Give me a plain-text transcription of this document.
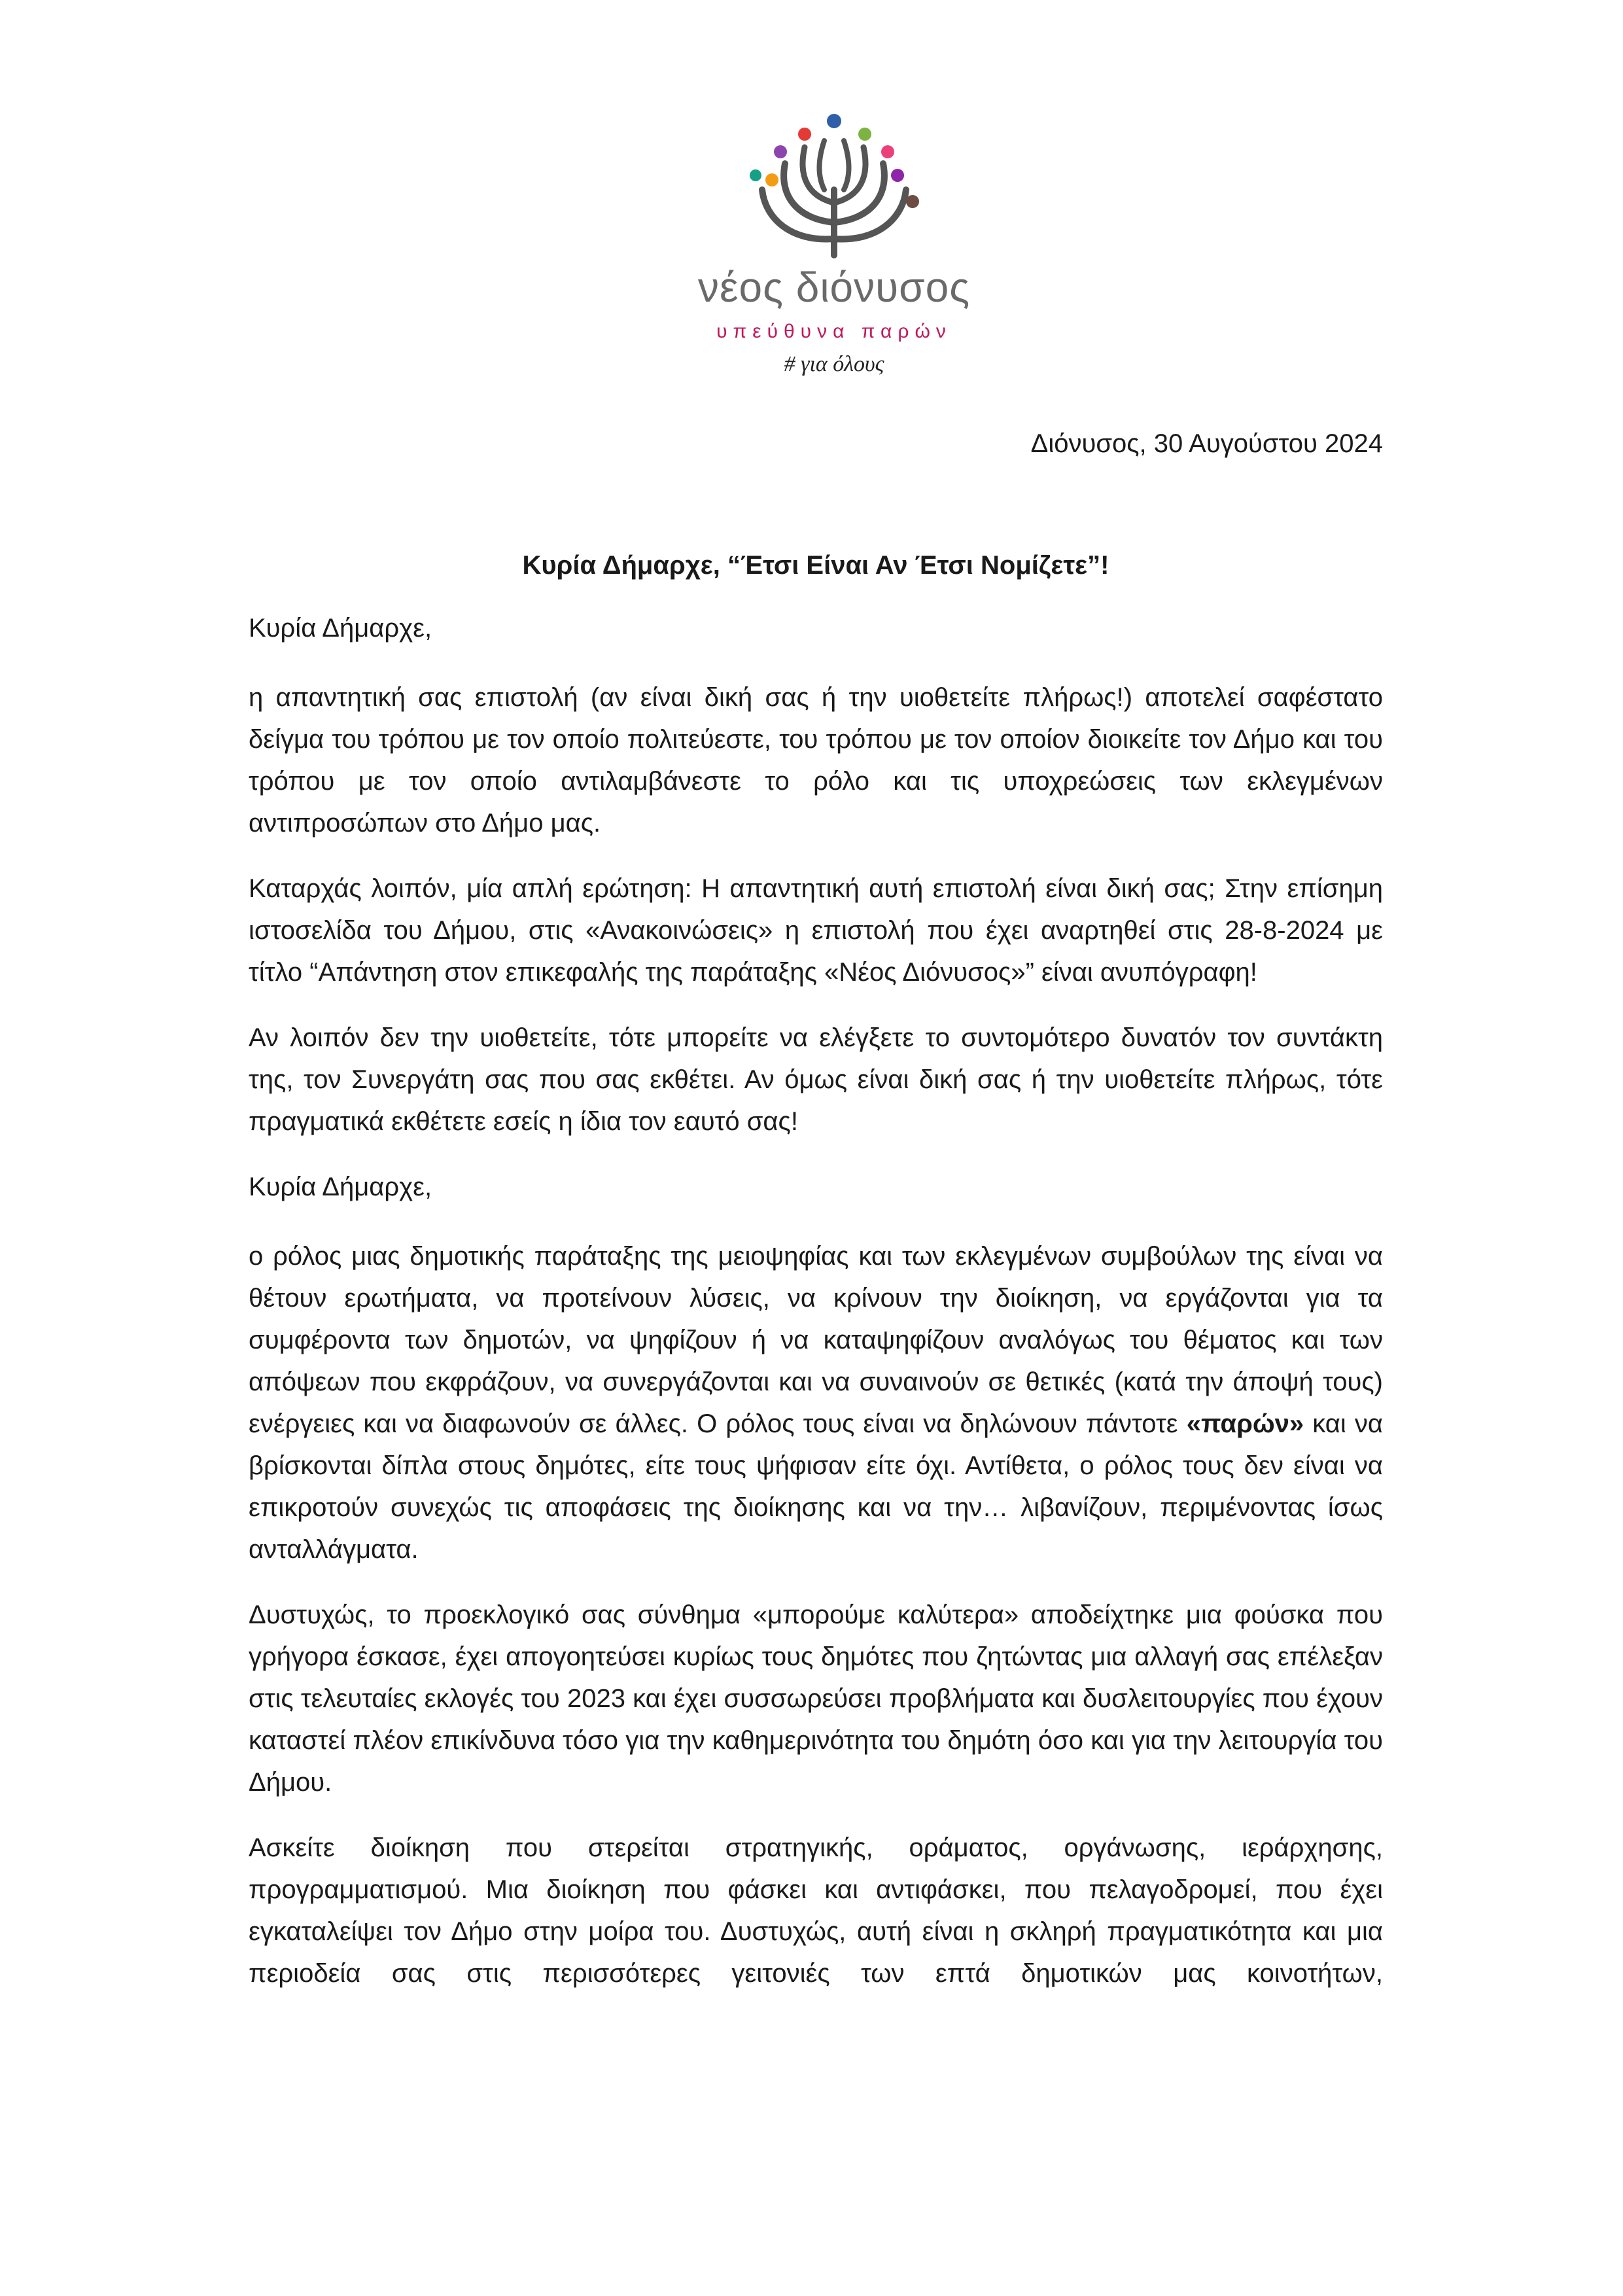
νέος διόνυσος
υπεύθυνα παρών
# για όλους
Διόνυσος, 30 Αυγούστου 2024
Κυρία Δήμαρχε, “Έτσι Είναι Αν Έτσι Νομίζετε”!

Κυρία Δήμαρχε,

η απαντητική σας επιστολή (αν είναι δική σας ή την υιοθετείτε πλήρως!) αποτελεί σαφέστατο δείγμα του τρόπου με τον οποίο πολιτεύεστε, του τρόπου με τον οποίον διοικείτε τον Δήμο και του τρόπου με τον οποίο αντιλαμβάνεστε το ρόλο και τις υποχρεώσεις των εκλεγμένων αντιπροσώπων στο Δήμο μας.

Καταρχάς λοιπόν, μία απλή ερώτηση: Η απαντητική αυτή επιστολή είναι δική σας; Στην επίσημη ιστοσελίδα του Δήμου, στις «Ανακοινώσεις» η επιστολή που έχει αναρτηθεί στις 28-8-2024 με τίτλο “Απάντηση στον επικεφαλής της παράταξης «Νέος Διόνυσος»” είναι ανυπόγραφη!

Αν λοιπόν δεν την υιοθετείτε, τότε μπορείτε να ελέγξετε το συντομότερο δυνατόν τον συντάκτη της, τον Συνεργάτη σας που σας εκθέτει. Αν όμως είναι δική σας ή την υιοθετείτε πλήρως, τότε πραγματικά εκθέτετε εσείς η ίδια τον εαυτό σας!

Κυρία Δήμαρχε,

ο ρόλος μιας δημοτικής παράταξης της μειοψηφίας και των εκλεγμένων συμβούλων της είναι να θέτουν ερωτήματα, να προτείνουν λύσεις, να κρίνουν την διοίκηση, να εργάζονται για τα συμφέροντα των δημοτών, να ψηφίζουν ή να καταψηφίζουν αναλόγως του θέματος και των απόψεων που εκφράζουν, να συνεργάζονται και να συναινούν σε θετικές (κατά την άποψή τους) ενέργειες και να διαφωνούν σε άλλες. Ο ρόλος τους είναι να δηλώνουν πάντοτε «παρών» και να βρίσκονται δίπλα στους δημότες, είτε τους ψήφισαν είτε όχι. Αντίθετα, ο ρόλος τους δεν είναι να επικροτούν συνεχώς τις αποφάσεις της διοίκησης και να την… λιβανίζουν, περιμένοντας ίσως ανταλλάγματα.

Δυστυχώς, το προεκλογικό σας σύνθημα «μπορούμε καλύτερα» αποδείχτηκε μια φούσκα που γρήγορα έσκασε, έχει απογοητεύσει κυρίως τους δημότες που ζητώντας μια αλλαγή σας επέλεξαν στις τελευταίες εκλογές του 2023 και έχει συσσωρεύσει προβλήματα και δυσλειτουργίες που έχουν καταστεί πλέον επικίνδυνα τόσο για την καθημερινότητα του δημότη όσο και για την λειτουργία του Δήμου.

Ασκείτε διοίκηση που στερείται στρατηγικής, οράματος, οργάνωσης, ιεράρχησης, προγραμματισμού. Μια διοίκηση που φάσκει και αντιφάσκει, που πελαγοδρομεί, που έχει εγκαταλείψει τον Δήμο στην μοίρα του. Δυστυχώς, αυτή είναι η σκληρή πραγματικότητα και μια περιοδεία σας στις περισσότερες γειτονιές των επτά δημοτικών μας κοινοτήτων,
